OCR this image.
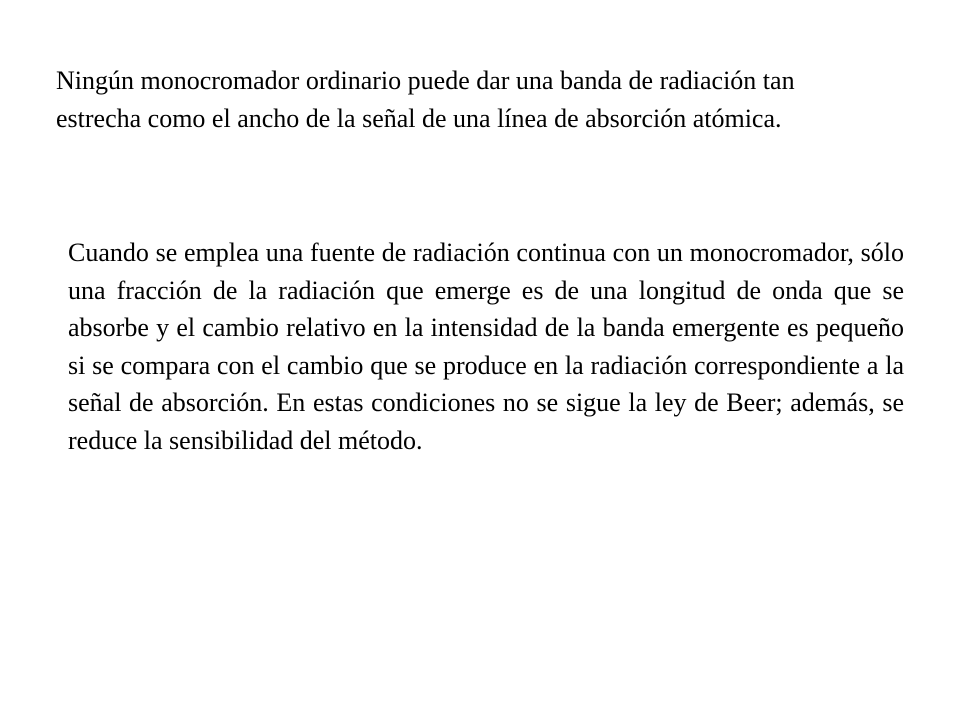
Ningún monocromador ordinario puede dar una banda de radiación tan estrecha como el ancho de la señal de una línea de absorción atómica.

Cuando se emplea una fuente de radiación continua con un monocromador, sólo una fracción de la radiación que emerge es de una longitud de onda que se absorbe y el cambio relativo en la intensidad de la banda emergente es pequeño si se compara con el cambio que se produce en la radiación correspondiente a la señal de absorción. En estas condiciones no se sigue la ley de Beer; además, se reduce la sensibilidad del método.
